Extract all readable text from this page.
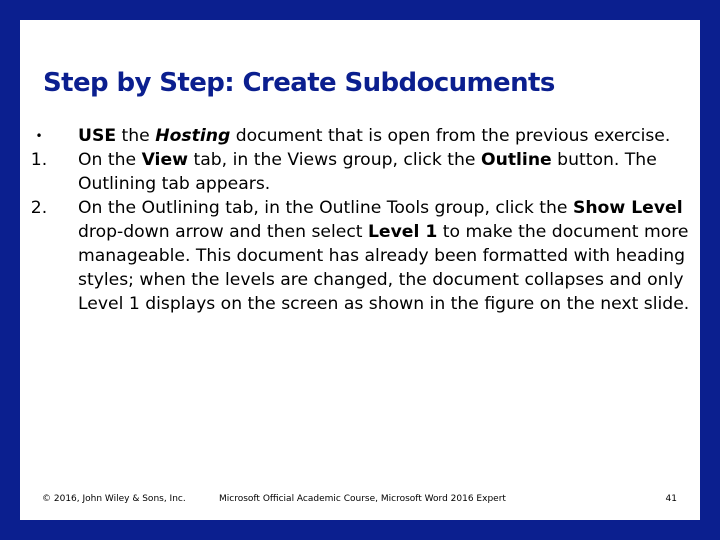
Step by Step: Create Subdocuments
•	USE the Hosting document that is open from the previous exercise.
1.	On the View tab, in the Views group, click the Outline button. The Outlining tab appears.
2.	On the Outlining tab, in the Outline Tools group, click the Show Level drop-down arrow and then select Level 1 to make the document more manageable. This document has already been formatted with heading styles; when the levels are changed, the document collapses and only Level 1 displays on the screen as shown in the figure on the next slide.
© 2016, John Wiley & Sons, Inc.	Microsoft Official Academic Course, Microsoft Word 2016 Expert	41
